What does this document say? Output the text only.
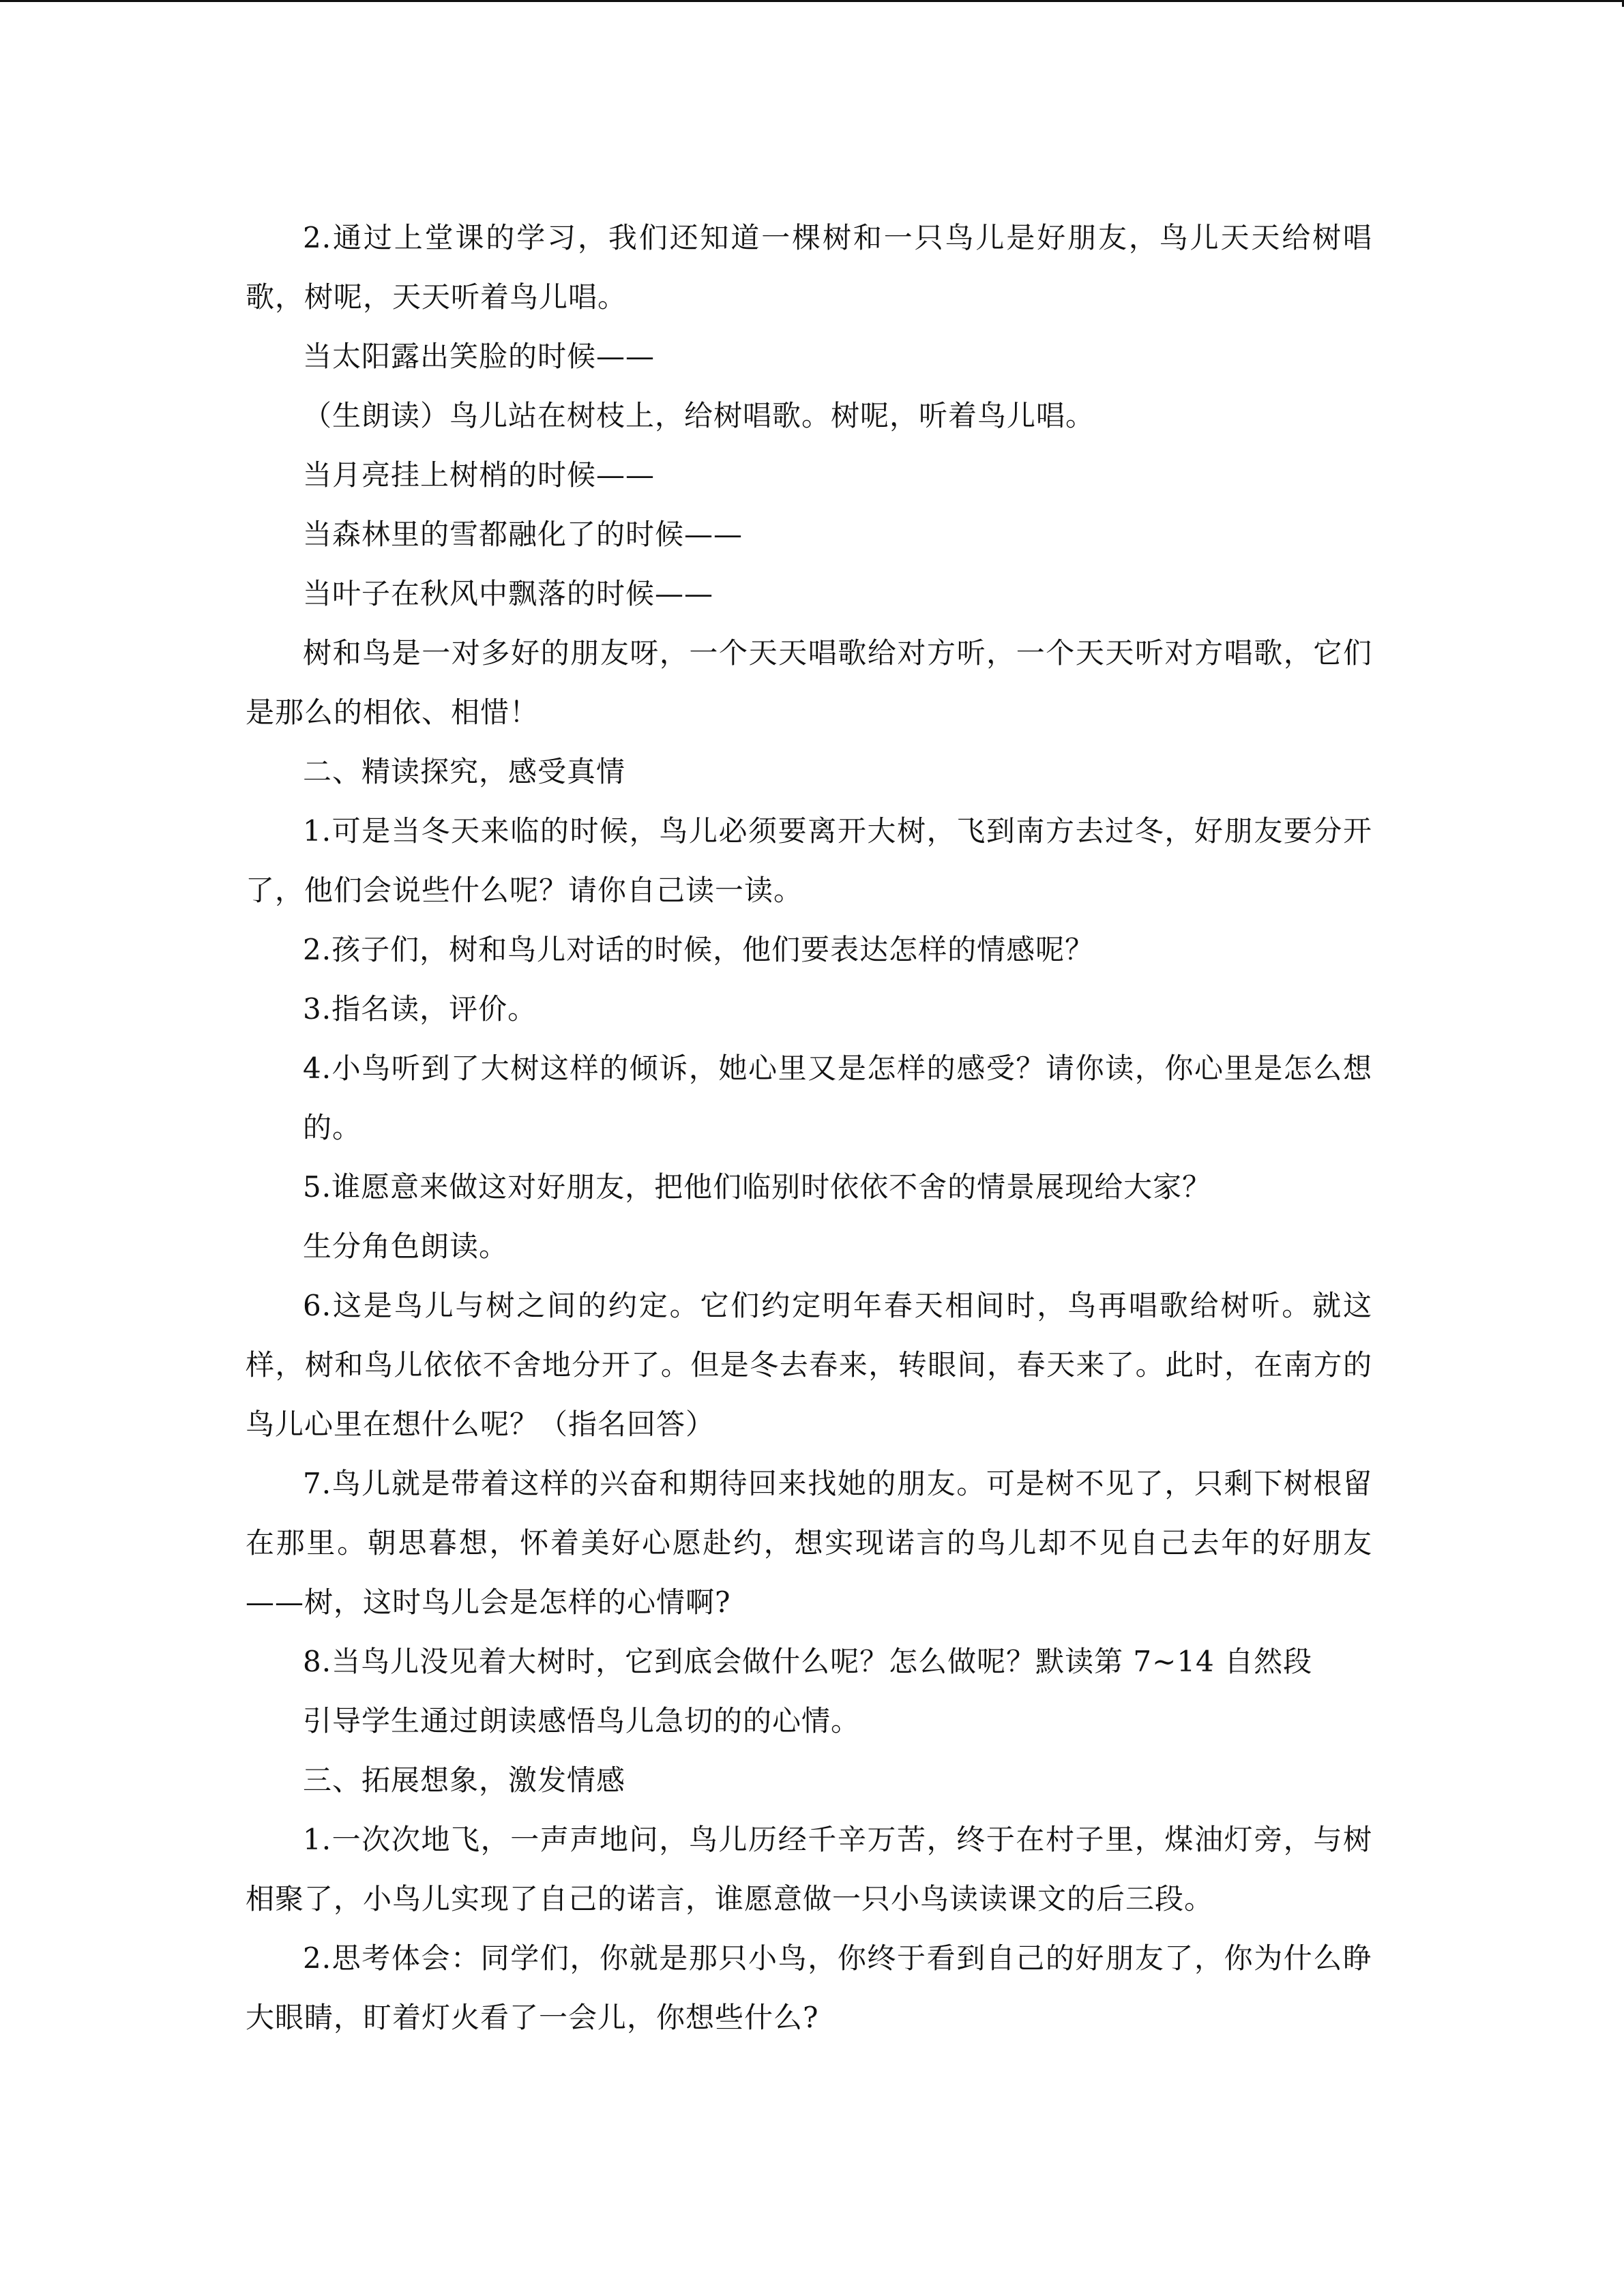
2.通过上堂课的学习，我们还知道一棵树和一只鸟儿是好朋友，鸟儿天天给树唱歌，树呢，天天听着鸟儿唱。

当太阳露出笑脸的时候——

（生朗读）鸟儿站在树枝上，给树唱歌。树呢，听着鸟儿唱。

当月亮挂上树梢的时候——

当森林里的雪都融化了的时候——

当叶子在秋风中飘落的时候——

树和鸟是一对多好的朋友呀，一个天天唱歌给对方听，一个天天听对方唱歌，它们是那么的相依、相惜！

二、精读探究，感受真情

1.可是当冬天来临的时候，鸟儿必须要离开大树，飞到南方去过冬，好朋友要分开了，他们会说些什么呢？请你自己读一读。

2.孩子们，树和鸟儿对话的时候，他们要表达怎样的情感呢？

3.指名读，评价。

4.小鸟听到了大树这样的倾诉，她心里又是怎样的感受？请你读，你心里是怎么想的。

5.谁愿意来做这对好朋友，把他们临别时依依不舍的情景展现给大家？

生分角色朗读。

6.这是鸟儿与树之间的约定。它们约定明年春天相间时，鸟再唱歌给树听。就这样，树和鸟儿依依不舍地分开了。但是冬去春来，转眼间，春天来了。此时，在南方的鸟儿心里在想什么呢？（指名回答）

7.鸟儿就是带着这样的兴奋和期待回来找她的朋友。可是树不见了，只剩下树根留在那里。朝思暮想，怀着美好心愿赴约，想实现诺言的鸟儿却不见自己去年的好朋友——树，这时鸟儿会是怎样的心情啊?

8.当鸟儿没见着大树时，它到底会做什么呢？怎么做呢？默读第 7~14 自然段

引导学生通过朗读感悟鸟儿急切的的心情。

三、拓展想象，激发情感

1.一次次地飞，一声声地问，鸟儿历经千辛万苦，终于在村子里，煤油灯旁，与树相聚了，小鸟儿实现了自己的诺言，谁愿意做一只小鸟读读课文的后三段。

2.思考体会：同学们，你就是那只小鸟，你终于看到自己的好朋友了，你为什么睁大眼睛，盯着灯火看了一会儿，你想些什么?
